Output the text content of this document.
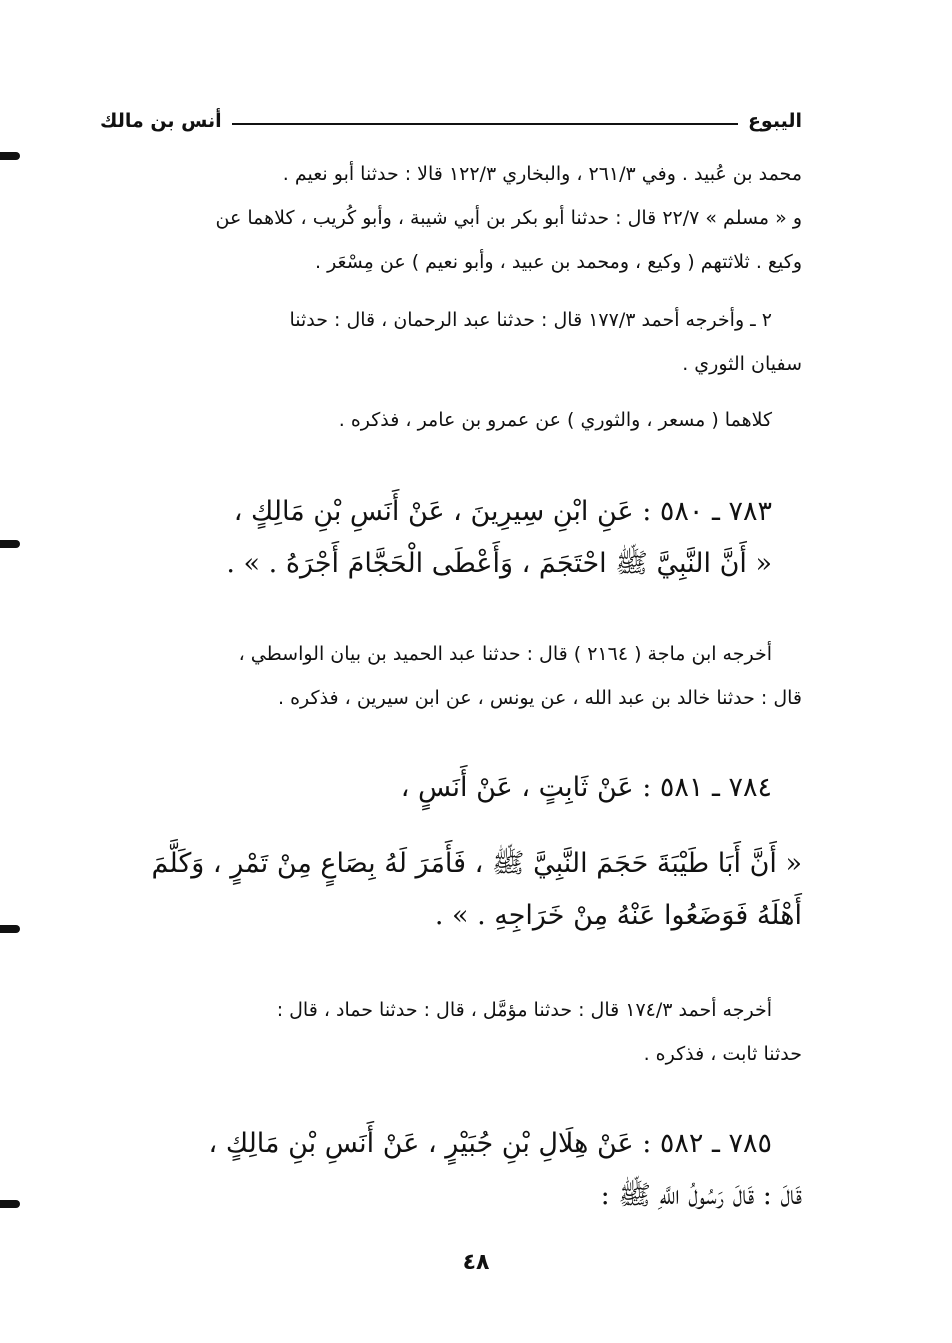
اليبوع
أنس بن مالك
محمد بن عُبيد . وفي ٢٦١/٣ ، والبخاري ١٢٢/٣ قالا : حدثنا أبو نعيم .
و « مسلم » ٢٢/٧ قال : حدثنا أبو بكر بن أبي شيبة ، وأبو كُريب ، كلاهما عن
وكيع . ثلاثتهم ( وكيع ، ومحمد بن عبيد ، وأبو نعيم ) عن مِسْعَر .
٢ ـ وأخرجه أحمد ١٧٧/٣ قال : حدثنا عبد الرحمان ، قال : حدثنا
سفيان الثوري .
كلاهما ( مسعر ، والثوري ) عن عمرو بن عامر ، فذكره .
٧٨٣ ـ ٥٨٠ : عَنِ ابْنِ سِيرِينَ ، عَنْ أَنَسِ بْنِ مَالِكٍ ،
« أَنَّ النَّبِيَّ ﷺ احْتَجَمَ ، وَأَعْطَى الْحَجَّامَ أَجْرَهُ . » .
أخرجه ابن ماجة ( ٢١٦٤ ) قال : حدثنا عبد الحميد بن بيان الواسطي ،
قال : حدثنا خالد بن عبد الله ، عن يونس ، عن ابن سيرين ، فذكره .
٧٨٤ ـ ٥٨١ : عَنْ ثَابِتٍ ، عَنْ أَنَسٍ ،
« أَنَّ أَبَا طَيْبَةَ حَجَمَ النَّبِيَّ ﷺ ، فَأَمَرَ لَهُ بِصَاعٍ مِنْ تَمْرٍ ، وَكَلَّمَ
أَهْلَهُ فَوَضَعُوا عَنْهُ مِنْ خَرَاجِهِ . » .
أخرجه أحمد ١٧٤/٣ قال : حدثنا مؤمَّل ، قال : حدثنا حماد ، قال :
حدثنا ثابت ، فذكره .
٧٨٥ ـ ٥٨٢ : عَنْ هِلَالِ بْنِ جُبَيْرٍ ، عَنْ أَنَسِ بْنِ مَالِكٍ ،
قَالَ : قَالَ رَسُولُ اللَّهِ ﷺ :
٤٨
